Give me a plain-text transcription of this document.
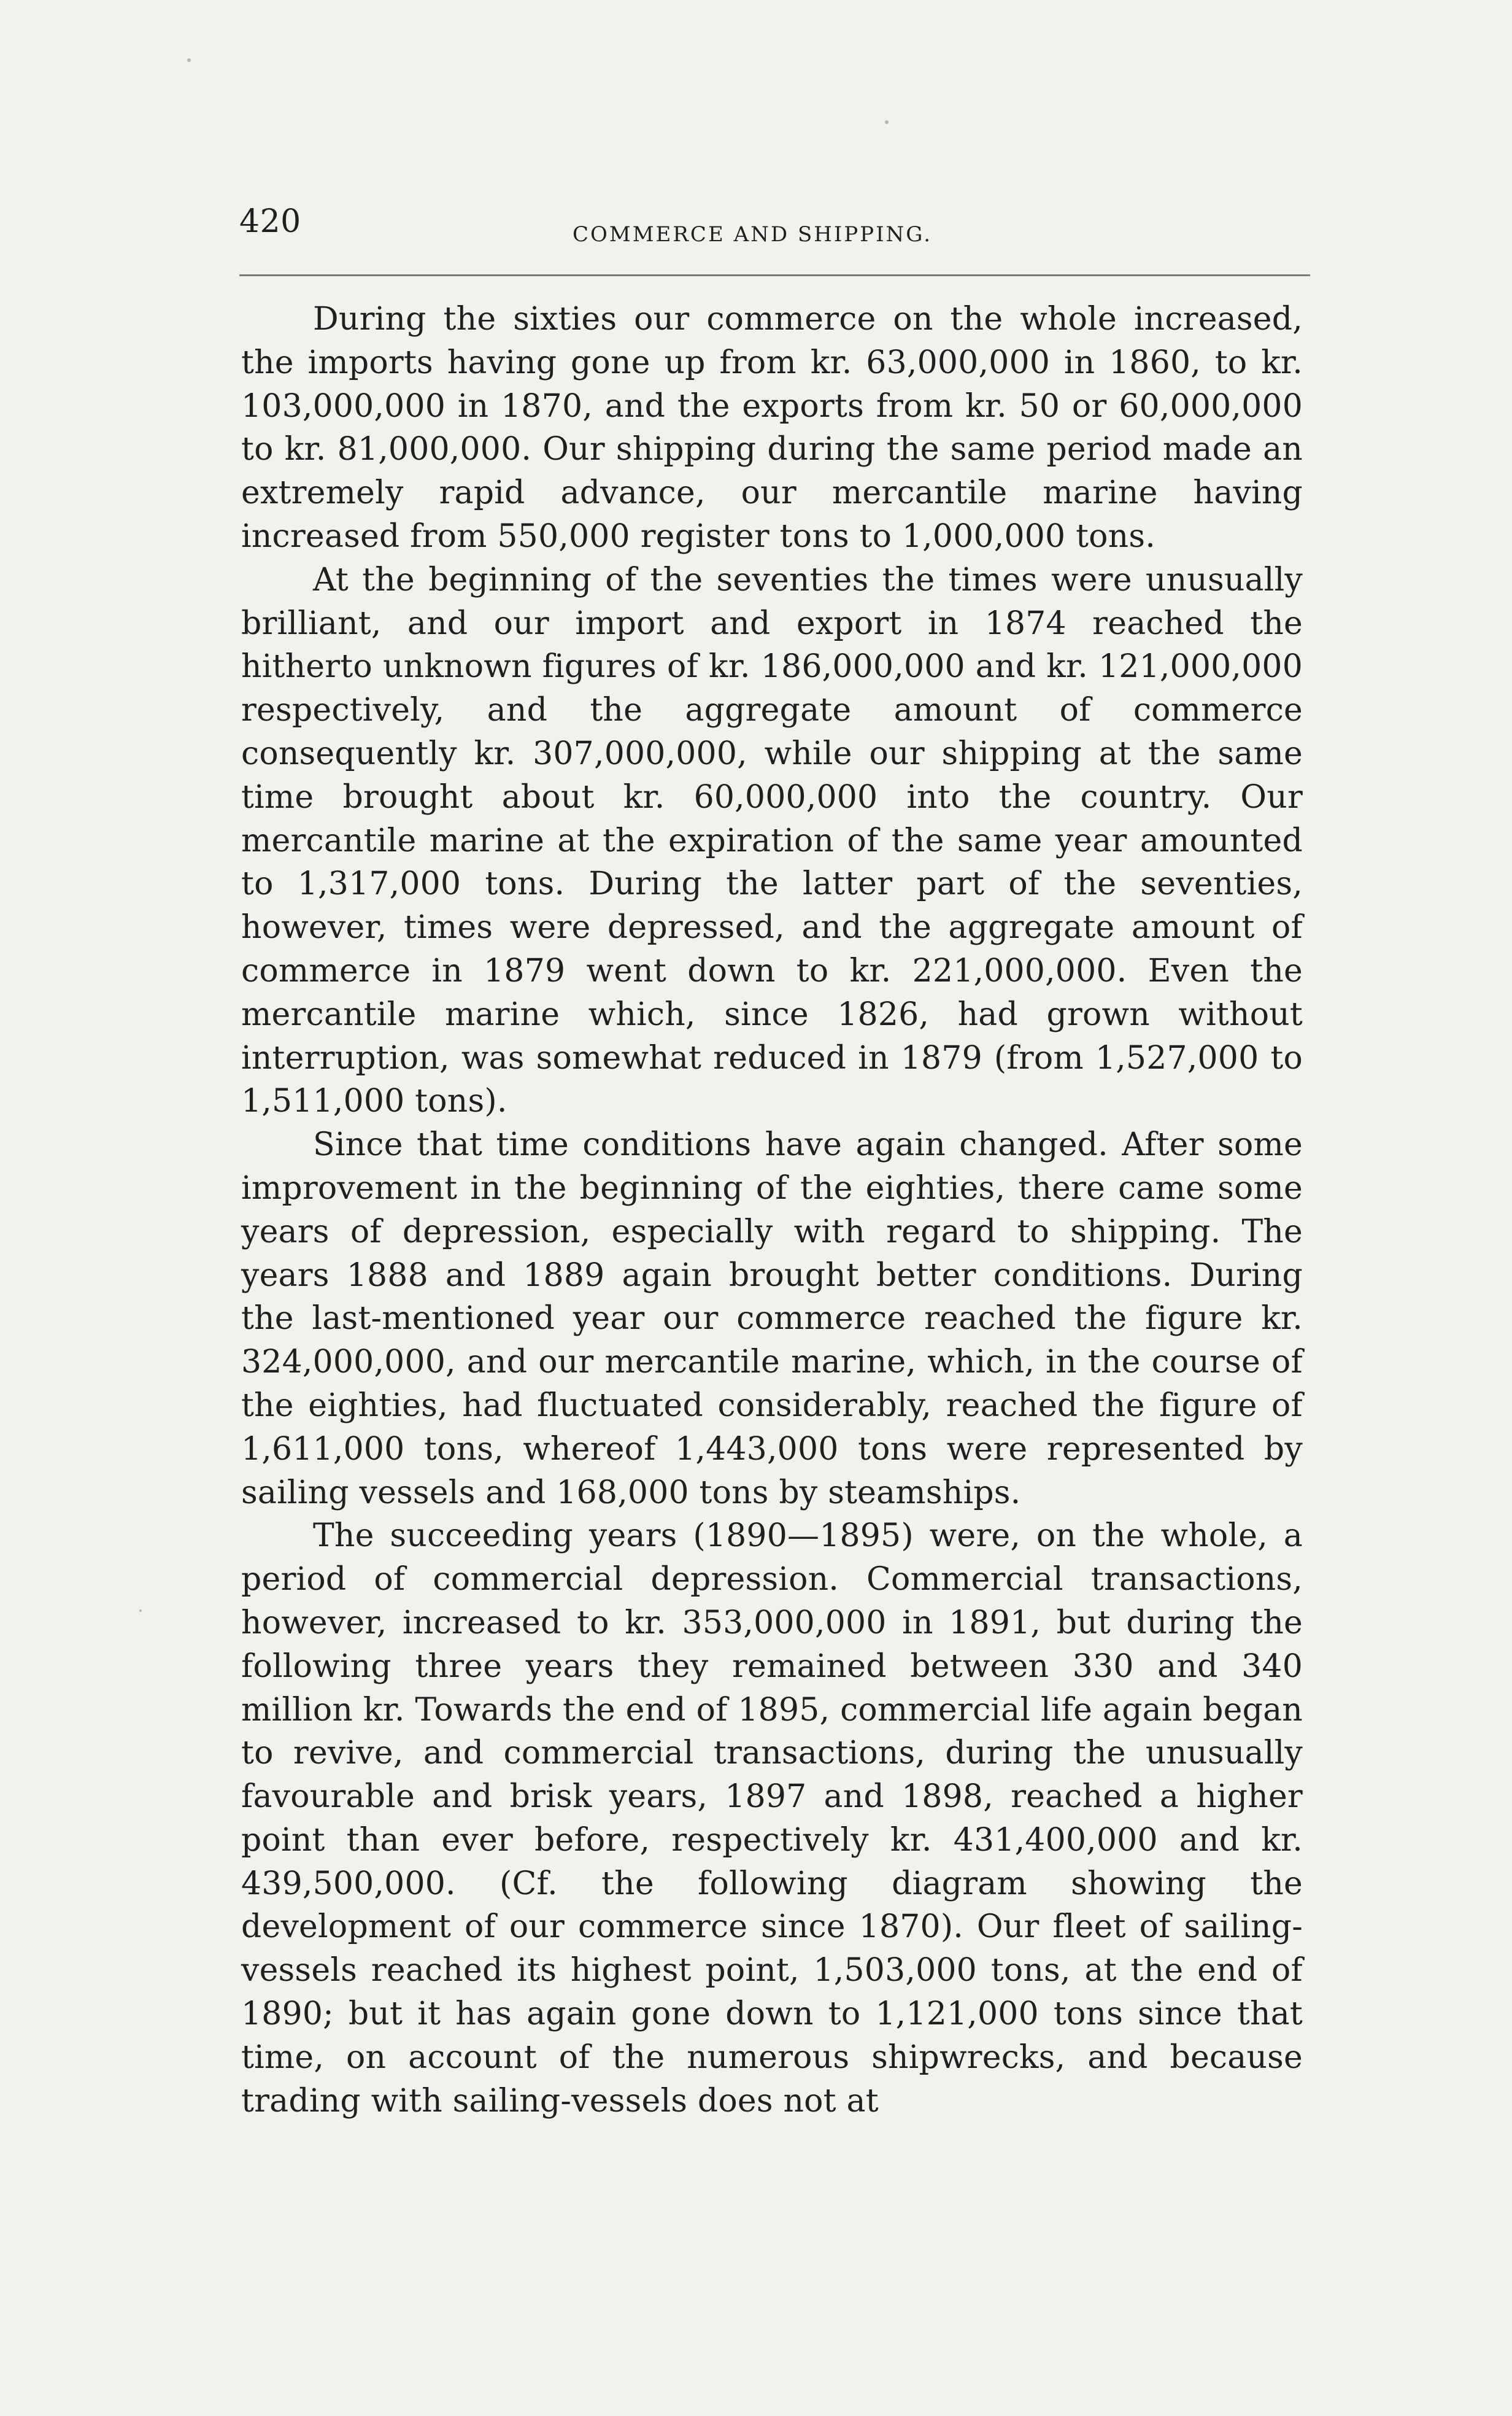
420	COMMERCE AND SHIPPING.

During the sixties our commerce on the whole increased, the imports having gone up from kr. 63,000,000 in 1860, to kr. 103,000,000 in 1870, and the exports from kr. 50 or 60,000,000 to kr. 81,000,000. Our shipping during the same period made an extremely rapid advance, our mercantile marine having increased from 550,000 register tons to 1,000,000 tons.

At the beginning of the seventies the times were unusually brilliant, and our import and export in 1874 reached the hitherto unknown figures of kr. 186,000,000 and kr. 121,000,000 respectively, and the aggregate amount of commerce consequently kr. 307,000,000, while our shipping at the same time brought about kr. 60,000,000 into the country. Our mercantile marine at the expiration of the same year amounted to 1,317,000 tons. During the latter part of the seventies, however, times were depressed, and the aggregate amount of commerce in 1879 went down to kr. 221,000,000. Even the mercantile marine which, since 1826, had grown without interruption, was somewhat reduced in 1879 (from 1,527,000 to 1,511,000 tons).

Since that time conditions have again changed. After some improvement in the beginning of the eighties, there came some years of depression, especially with regard to shipping. The years 1888 and 1889 again brought better conditions. During the last-mentioned year our commerce reached the figure kr. 324,000,000, and our mercantile marine, which, in the course of the eighties, had fluctuated considerably, reached the figure of 1,611,000 tons, whereof 1,443,000 tons were represented by sailing vessels and 168,000 tons by steamships.

The succeeding years (1890—1895) were, on the whole, a period of commercial depression. Commercial transactions, however, increased to kr. 353,000,000 in 1891, but during the following three years they remained between 330 and 340 million kr. Towards the end of 1895, commercial life again began to revive, and commercial transactions, during the unusually favourable and brisk years, 1897 and 1898, reached a higher point than ever before, respectively kr. 431,400,000 and kr. 439,500,000. (Cf. the following diagram showing the development of our commerce since 1870). Our fleet of sailing-vessels reached its highest point, 1,503,000 tons, at the end of 1890; but it has again gone down to 1,121,000 tons since that time, on account of the numerous shipwrecks, and because trading with sailing-vessels does not at
